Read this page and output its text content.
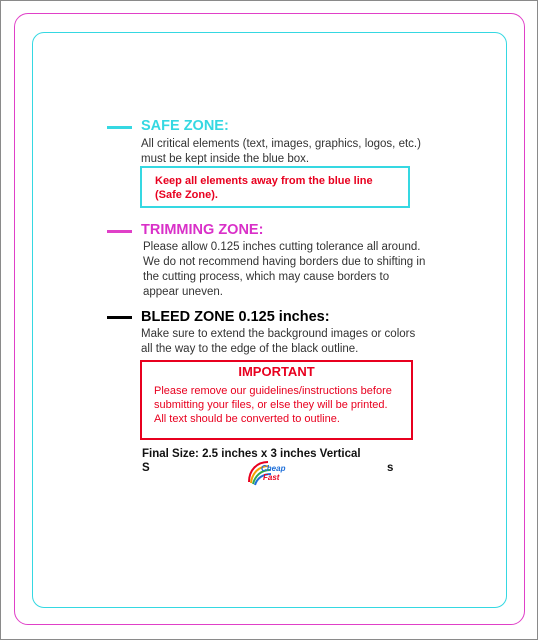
SAFE ZONE:
All critical elements (text, images, graphics, logos, etc.)
must be kept inside the blue box.
Keep all elements away from the blue line
(Safe Zone).
TRIMMING ZONE:
Please allow 0.125 inches cutting tolerance all around.
We do not recommend having borders due to shifting in
the cutting process, which may cause borders to
appear uneven.
BLEED ZONE 0.125 inches:
Make sure to extend the background images or colors
all the way to the edge of the black outline.
IMPORTANT
Please remove our guidelines/instructions before
submitting your files, or else they will be printed.
All text should be converted to outline.
Final Size: 2.5 inches x 3 inches Vertical
S	s
Cheap
Fast
